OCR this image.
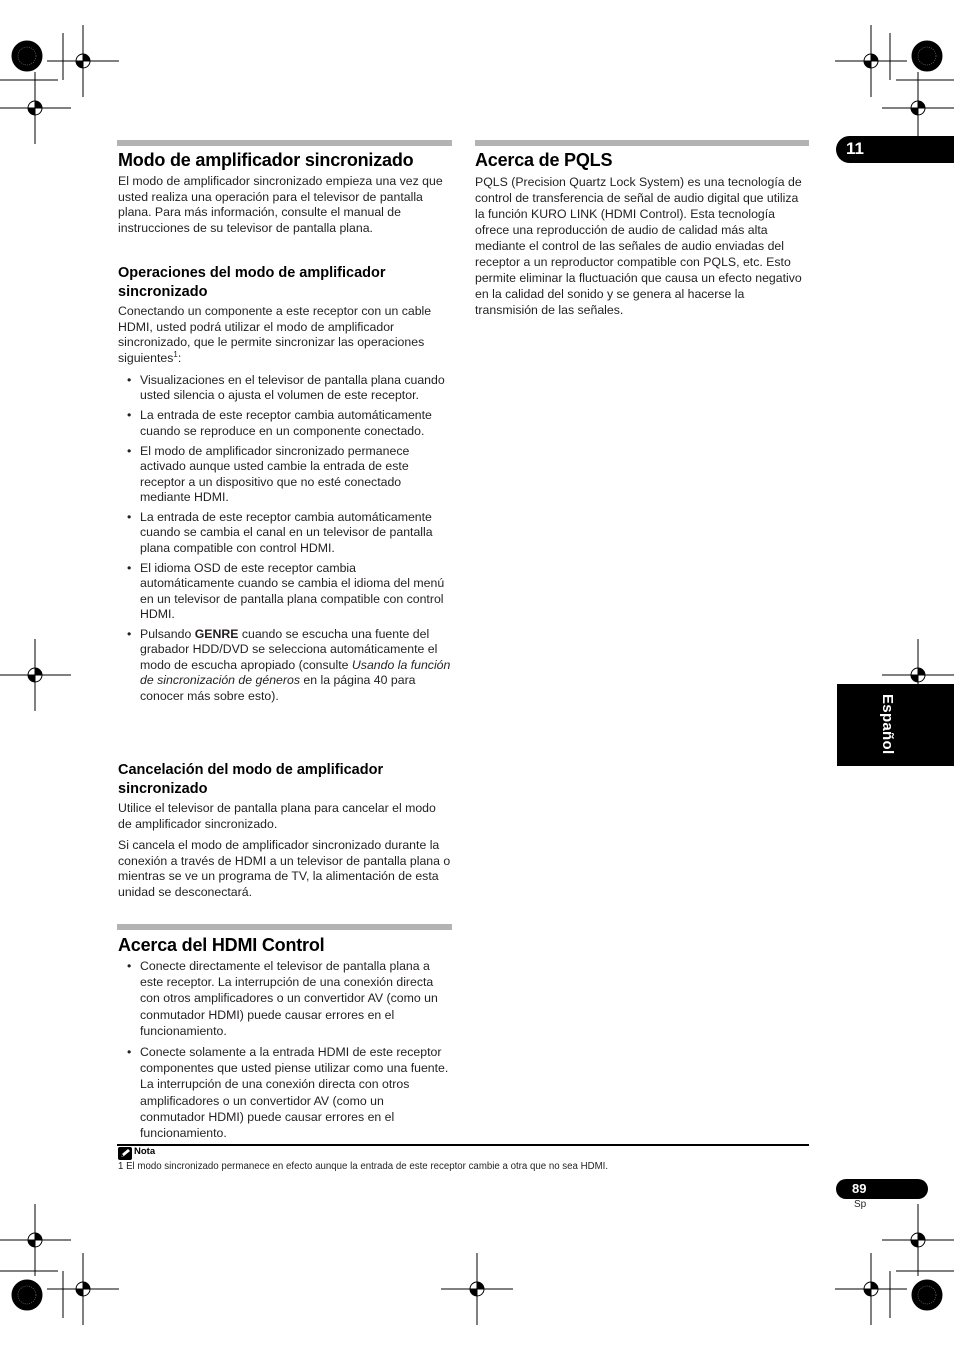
11
Español
Modo de amplificador sincronizado

El modo de amplificador sincronizado empieza una vez que usted realiza una operación para el televisor de pantalla plana. Para más información, consulte el manual de instrucciones de su televisor de pantalla plana.

Operaciones del modo de amplificador sincronizado

Conectando un componente a este receptor con un cable HDMI, usted podrá utilizar el modo de amplificador sincronizado, que le permite sincronizar las operaciones siguientes$^1$:

• Visualizaciones en el televisor de pantalla plana cuando usted silencia o ajusta el volumen de este receptor.
• La entrada de este receptor cambia automáticamente cuando se reproduce en un componente conectado.
• El modo de amplificador sincronizado permanece activado aunque usted cambie la entrada de este receptor a un dispositivo que no esté conectado mediante HDMI.
• La entrada de este receptor cambia automáticamente cuando se cambia el canal en un televisor de pantalla plana compatible con control HDMI.
• El idioma OSD de este receptor cambia automáticamente cuando se cambia el idioma del menú en un televisor de pantalla plana compatible con control HDMI.
• Pulsando GENRE cuando se escucha una fuente del grabador HDD/DVD se selecciona automáticamente el modo de escucha apropiado (consulte Usando la función de sincronización de géneros en la página 40 para conocer más sobre esto).
Cancelación del modo de amplificador sincronizado

Utilice el televisor de pantalla plana para cancelar el modo de amplificador sincronizado.

Si cancela el modo de amplificador sincronizado durante la conexión a través de HDMI a un televisor de pantalla plana o mientras se ve un programa de TV, la alimentación de esta unidad se desconectará.

Acerca del HDMI Control
• Conecte directamente el televisor de pantalla plana a este receptor. La interrupción de una conexión directa con otros amplificadores o un convertidor AV (como un conmutador HDMI) puede causar errores en el funcionamiento.
• Conecte solamente a la entrada HDMI de este receptor componentes que usted piense utilizar como una fuente. La interrupción de una conexión directa con otros amplificadores o un convertidor AV (como un conmutador HDMI) puede causar errores en el funcionamiento.
Acerca de PQLS

PQLS (Precision Quartz Lock System) es una tecnología de control de transferencia de señal de audio digital que utiliza la función KURO LINK (HDMI Control). Esta tecnología ofrece una reproducción de audio de calidad más alta mediante el control de las señales de audio enviadas del receptor a un reproductor compatible con PQLS, etc. Esto permite eliminar la fluctuación que causa un efecto negativo en la calidad del sonido y se genera al hacerse la transmisión de las señales.

Nota
1 El modo sincronizado permanece en efecto aunque la entrada de este receptor cambie a otra que no sea HDMI.
89
Sp
